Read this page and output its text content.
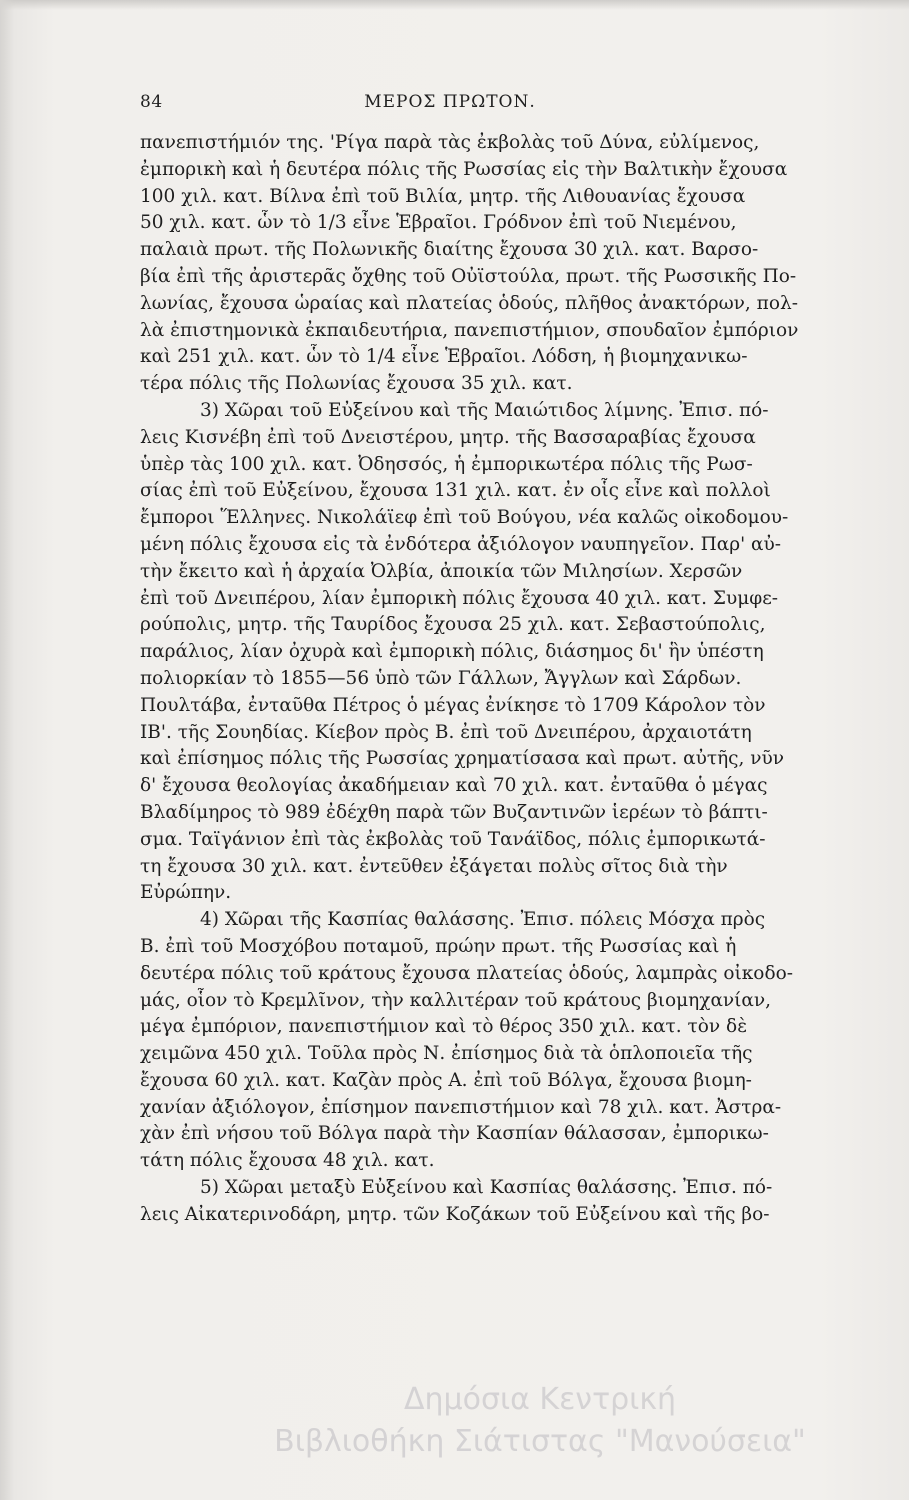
84	ΜΕΡΟΣ ΠΡΩΤΟΝ.
πανεπιστήμιόν της. 'Ρίγα παρὰ τὰς ἐκβολὰς τοῦ Δύνα, εὐλίμενος,
ἐμπορικὴ καὶ ἡ δευτέρα πόλις τῆς Ρωσσίας εἰς τὴν Βαλτικὴν ἔχουσα
100 χιλ. κατ. Βίλνα ἐπὶ τοῦ Βιλία, μητρ. τῆς Λιθουανίας ἔχουσα
50 χιλ. κατ. ὧν τὸ 1/3 εἶνε Ἑβραῖοι. Γρόδνον ἐπὶ τοῦ Νιεμένου,
παλαιὰ πρωτ. τῆς Πολωνικῆς διαίτης ἔχουσα 30 χιλ. κατ. Βαρσο-
βία ἐπὶ τῆς ἀριστερᾶς ὄχθης τοῦ Οὐϊστούλα, πρωτ. τῆς Ρωσσικῆς Πο-
λωνίας, ἔχουσα ὡραίας καὶ πλατείας ὁδούς, πλῆθος ἀνακτόρων, πολ-
λὰ ἐπιστημονικὰ ἐκπαιδευτήρια, πανεπιστήμιον, σπουδαῖον ἐμπόριον
καὶ 251 χιλ. κατ. ὧν τὸ 1/4 εἶνε Ἑβραῖοι. Λόδση, ἡ βιομηχανικω-
τέρα πόλις τῆς Πολωνίας ἔχουσα 35 χιλ. κατ.
3) Χῶραι τοῦ Εὐξείνου καὶ τῆς Μαιώτιδος λίμνης. Ἐπισ. πό-
λεις Κισνέβη ἐπὶ τοῦ Δνειστέρου, μητρ. τῆς Βασσαραβίας ἔχουσα
ὑπὲρ τὰς 100 χιλ. κατ. Ὀδησσός, ἡ ἐμπορικωτέρα πόλις τῆς Ρωσ-
σίας ἐπὶ τοῦ Εὐξείνου, ἔχουσα 131 χιλ. κατ. ἐν οἷς εἶνε καὶ πολλοὶ
ἔμποροι Ἕλληνες. Νικολάϊεφ ἐπὶ τοῦ Βούγου, νέα καλῶς οἰκοδομου-
μένη πόλις ἔχουσα εἰς τὰ ἐνδότερα ἀξιόλογον ναυπηγεῖον. Παρ' αὐ-
τὴν ἔκειτο καὶ ἡ ἀρχαία Ὀλβία, ἀποικία τῶν Μιλησίων. Χερσῶν
ἐπὶ τοῦ Δνειπέρου, λίαν ἐμπορικὴ πόλις ἔχουσα 40 χιλ. κατ. Συμφε-
ρούπολις, μητρ. τῆς Ταυρίδος ἔχουσα 25 χιλ. κατ. Σεβαστούπολις,
παράλιος, λίαν ὀχυρὰ καὶ ἐμπορικὴ πόλις, διάσημος δι' ἣν ὑπέστη
πολιορκίαν τὸ 1855—56 ὑπὸ τῶν Γάλλων, Ἄγγλων καὶ Σάρδων.
Πουλτάβα, ἐνταῦθα Πέτρος ὁ μέγας ἐνίκησε τὸ 1709 Κάρολον τὸν
ΙΒ'. τῆς Σουηδίας. Κίεβον πρὸς Β. ἐπὶ τοῦ Δνειπέρου, ἀρχαιοτάτη
καὶ ἐπίσημος πόλις τῆς Ρωσσίας χρηματίσασα καὶ πρωτ. αὐτῆς, νῦν
δ' ἔχουσα θεολογίας ἀκαδήμειαν καὶ 70 χιλ. κατ. ἐνταῦθα ὁ μέγας
Βλαδίμηρος τὸ 989 ἐδέχθη παρὰ τῶν Βυζαντινῶν ἱερέων τὸ βάπτι-
σμα. Ταϊγάνιον ἐπὶ τὰς ἐκβολὰς τοῦ Τανάϊδος, πόλις ἐμπορικωτά-
τη ἔχουσα 30 χιλ. κατ. ἐντεῦθεν ἐξάγεται πολὺς σῖτος διὰ τὴν
Εὐρώπην.
4) Χῶραι τῆς Κασπίας θαλάσσης. Ἐπισ. πόλεις Μόσχα πρὸς
Β. ἐπὶ τοῦ Μοσχόβου ποταμοῦ, πρώην πρωτ. τῆς Ρωσσίας καὶ ἡ
δευτέρα πόλις τοῦ κράτους ἔχουσα πλατείας ὁδούς, λαμπρὰς οἰκοδο-
μάς, οἷον τὸ Κρεμλῖνον, τὴν καλλιτέραν τοῦ κράτους βιομηχανίαν,
μέγα ἐμπόριον, πανεπιστήμιον καὶ τὸ θέρος 350 χιλ. κατ. τὸν δὲ
χειμῶνα 450 χιλ. Τοῦλα πρὸς Ν. ἐπίσημος διὰ τὰ ὁπλοποιεῖα τῆς
ἔχουσα 60 χιλ. κατ. Καζὰν πρὸς Α. ἐπὶ τοῦ Βόλγα, ἔχουσα βιομη-
χανίαν ἀξιόλογον, ἐπίσημον πανεπιστήμιον καὶ 78 χιλ. κατ. Ἀστρα-
χὰν ἐπὶ νήσου τοῦ Βόλγα παρὰ τὴν Κασπίαν θάλασσαν, ἐμπορικω-
τάτη πόλις ἔχουσα 48 χιλ. κατ.
5) Χῶραι μεταξὺ Εὐξείνου καὶ Κασπίας θαλάσσης. Ἐπισ. πό-
λεις Αἰκατερινοδάρη, μητρ. τῶν Κοζάκων τοῦ Εὐξείνου καὶ τῆς βο-
Δημόσια Κεντρική
Βιβλιοθήκη Σιάτιστας "Μανούσεια"
